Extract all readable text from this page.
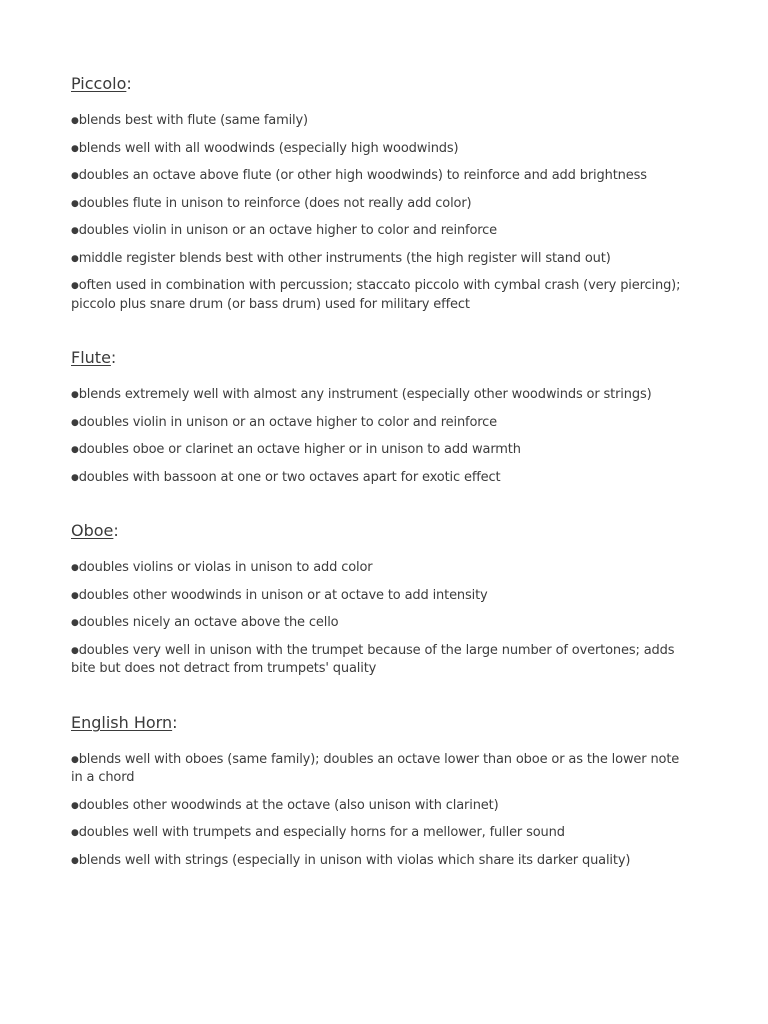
Piccolo:
●blends best with flute (same family)
●blends well with all woodwinds (especially high woodwinds)
●doubles an octave above flute (or other high woodwinds) to reinforce and add brightness
●doubles flute in unison to reinforce (does not really add color)
●doubles violin in unison or an octave higher to color and reinforce
●middle register blends best with other instruments (the high register will stand out)
●often used in combination with percussion; staccato piccolo with cymbal crash (very piercing); piccolo plus snare drum (or bass drum) used for military effect
Flute:
●blends extremely well with almost any instrument (especially other woodwinds or strings)
●doubles violin in unison or an octave higher to color and reinforce
●doubles oboe or clarinet an octave higher or in unison to add warmth
●doubles with bassoon at one or two octaves apart for exotic effect
Oboe:
●doubles violins or violas in unison to add color
●doubles other woodwinds in unison or at octave to add intensity
●doubles nicely an octave above the cello
●doubles very well in unison with the trumpet because of the large number of overtones; adds bite but does not detract from trumpets' quality
English Horn:
●blends well with oboes (same family); doubles an octave lower than oboe or as the lower note in a chord
●doubles other woodwinds at the octave (also unison with clarinet)
●doubles well with trumpets and especially horns for a mellower, fuller sound
●blends well with strings (especially in unison with violas which share its darker quality)
